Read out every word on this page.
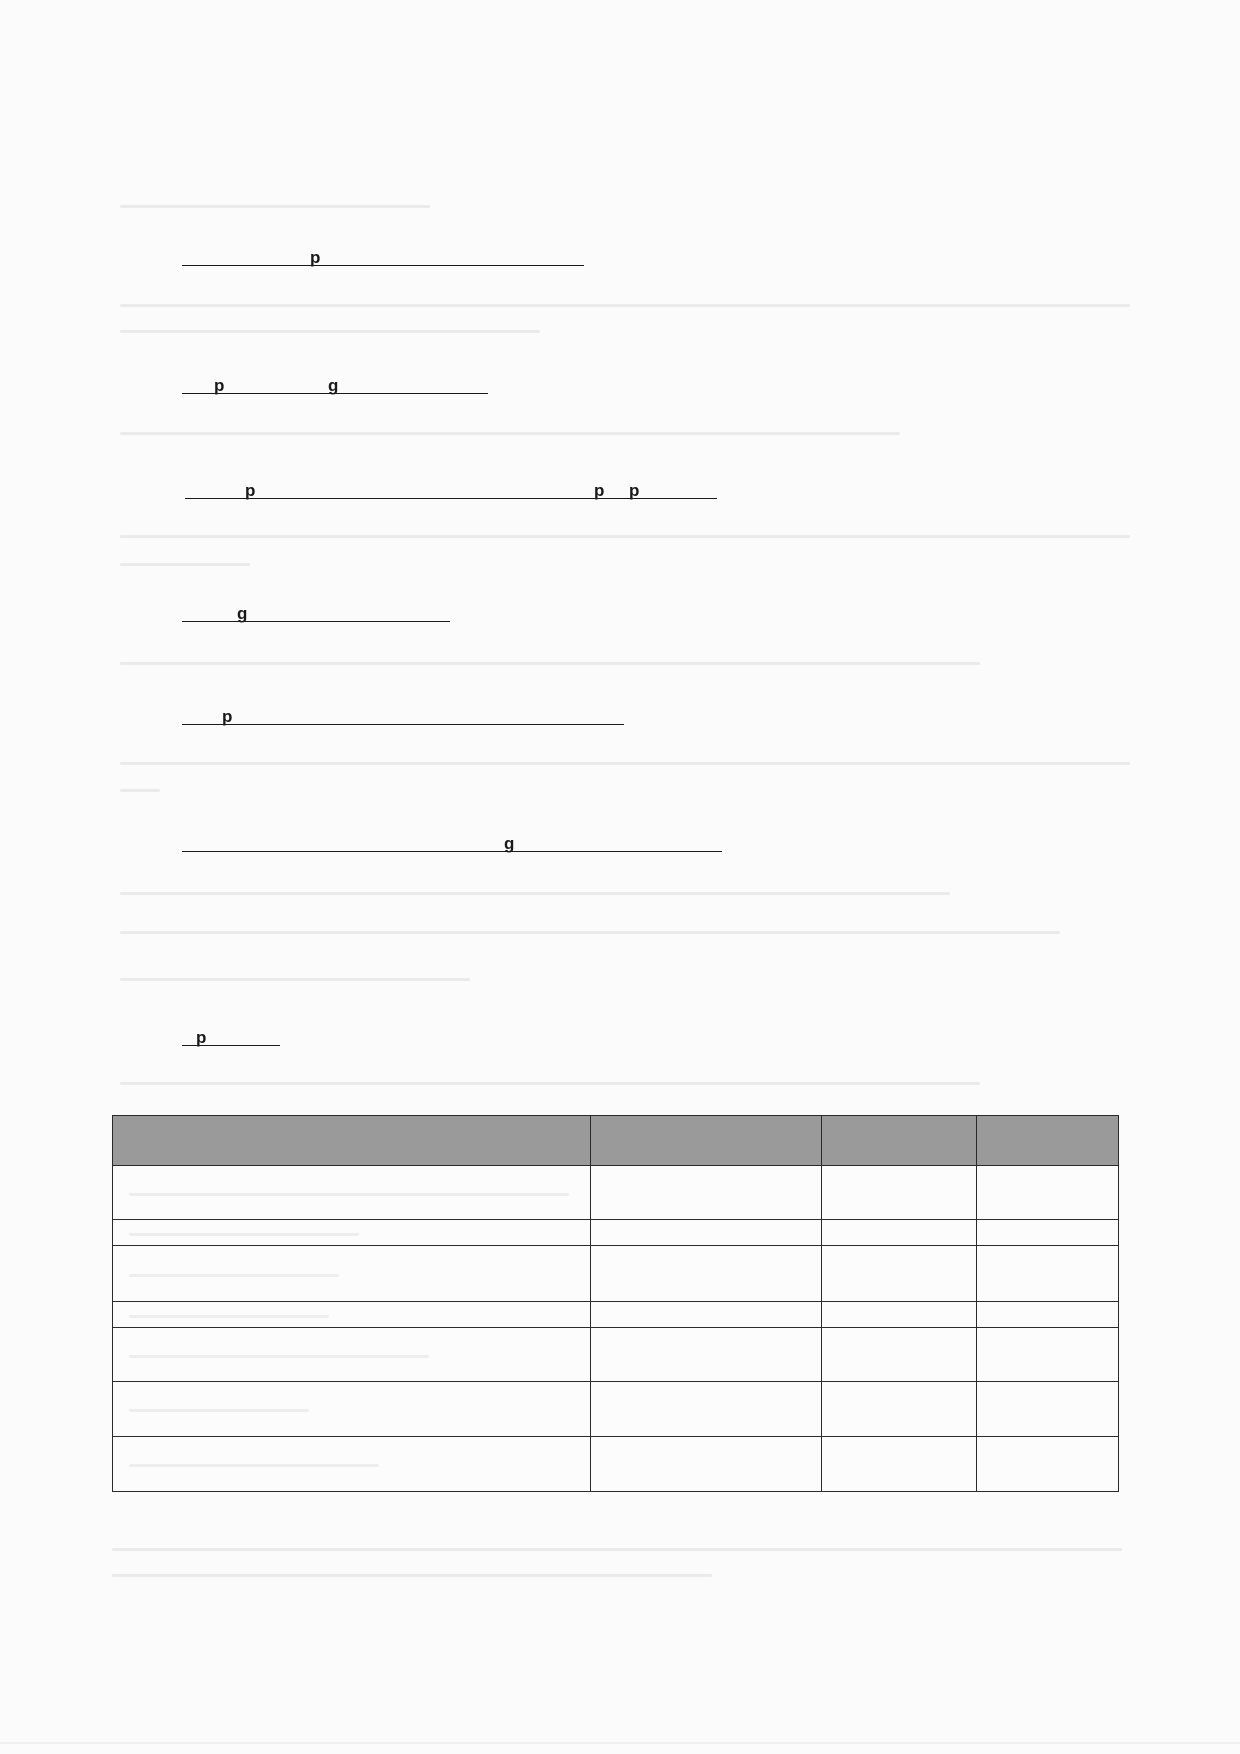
p
p	g
p	p p
g
p
g
p
